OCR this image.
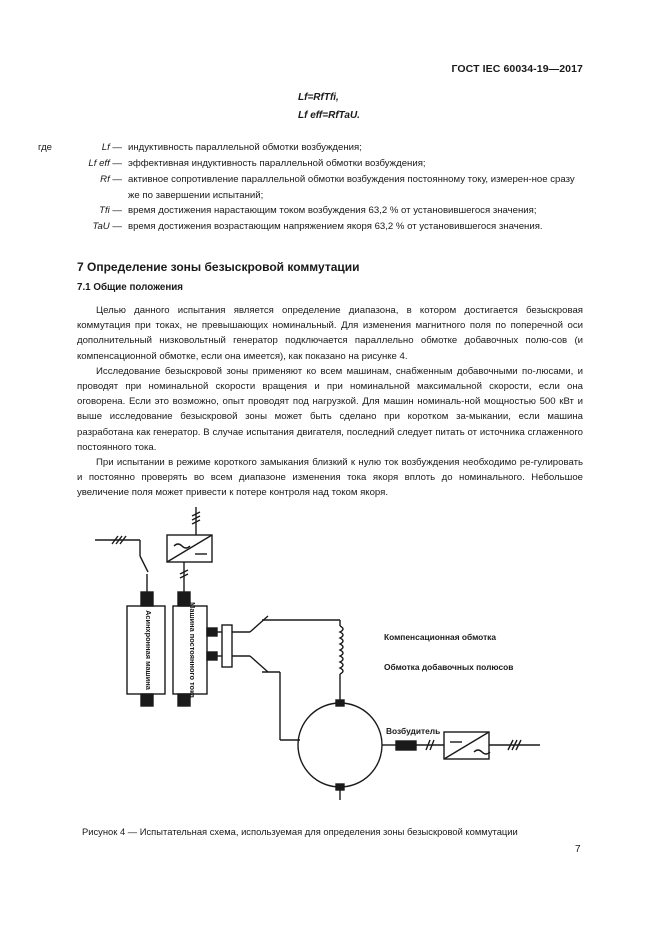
ГОСТ IEC 60034-19—2017
Lf=RfTfi,
Lf eff=RfTaU.
где	Lf — индуктивность параллельной обмотки возбуждения;
Lf eff — эффективная индуктивность параллельной обмотки возбуждения;
Rf — активное сопротивление параллельной обмотки возбуждения постоянному току, измерен-ное сразу же по завершении испытаний;
Tfi — время достижения нарастающим током возбуждения 63,2 % от установившегося значения;
TaU — время достижения возрастающим напряжением якоря 63,2 % от установившегося значения.
7 Определение зоны безыскровой коммутации
7.1 Общие положения

Целью данного испытания является определение диапазона, в котором достигается безыскровая коммутация при токах, не превышающих номинальный. Для изменения магнитного поля по поперечной оси дополнительный низковольтный генератор подключается параллельно обмотке добавочных полю-сов (и компенсационной обмотке, если она имеется), как показано на рисунке 4.

Исследование безыскровой зоны применяют ко всем машинам, снабженным добавочными по-люсами, и проводят при номинальной скорости вращения и при номинальной максимальной скорости, если она оговорена. Если это возможно, опыт проводят под нагрузкой. Для машин номиналь-ной мощностью 500 кВт и выше исследование безыскровой зоны может быть сделано при коротком за-мыкании, если машина разработана как генератор. В случае испытания двигателя, последний следует питать от источника сглаженного постоянного тока.

При испытании в режиме короткого замыкания близкий к нулю ток возбуждения необходимо ре-гулировать и постоянно проверять во всем диапазоне изменения тока якоря вплоть до номинального. Небольшое увеличение поля может привести к потере контроля над током якоря.

Асинхронная машина	Машина постоянного тока	Компенсационная обмотка
Обмотка добавочных полюсов
Возбудитель
Рисунок 4 — Испытательная схема, используемая для определения зоны безыскровой коммутации
7
